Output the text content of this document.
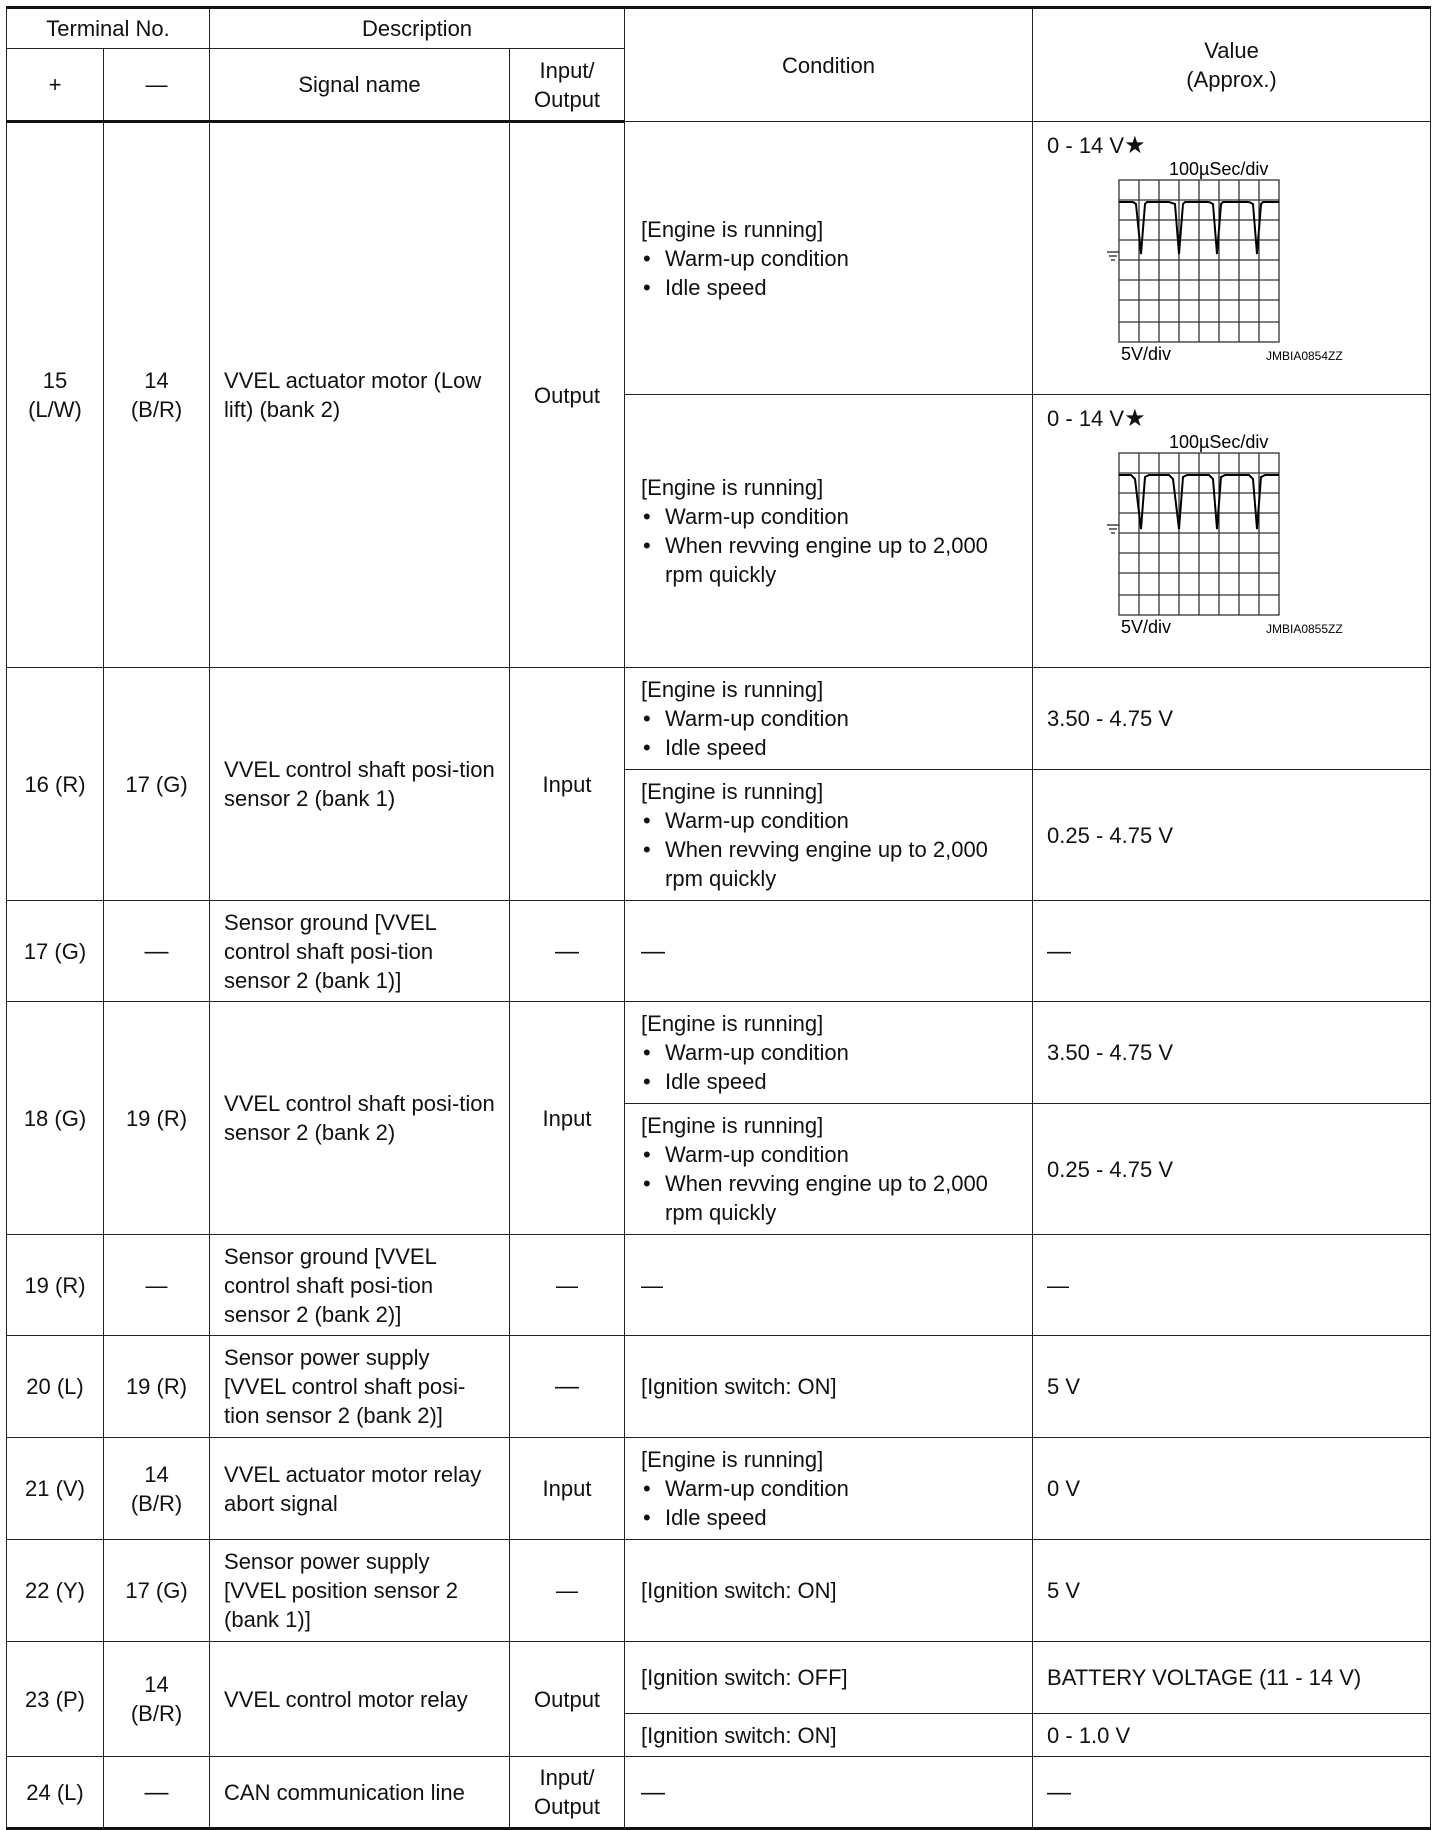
Terminal No.		Description		Condition	Value
(Approx.)
+	—	Signal name	Input/ Output		
15 (L/W)	14 (B/R)	VVEL actuator motor (Low lift) (bank 2)	Output	[Engine is running]
• Warm-up condition
• Idle speed	0 - 14 V★
100µSec/div
5V/div JMBIA0854ZZ

				[Engine is running]
• Warm-up condition
• When revving engine up to 2,000 rpm quickly	0 - 14 V★
100µSec/div
5V/div JMBIA0855ZZ

16 (R)	17 (G)	VVEL control shaft posi-tion sensor 2 (bank 1)	Input	[Engine is running]
• Warm-up condition
• Idle speed	3.50 - 4.75 V
				[Engine is running]
• Warm-up condition
• When revving engine up to 2,000 rpm quickly	0.25 - 4.75 V
17 (G)	—	Sensor ground [VVEL control shaft posi-tion sensor 2 (bank 1)]	—	—	—
18 (G)	19 (R)	VVEL control shaft posi-tion sensor 2 (bank 2)	Input	[Engine is running]
• Warm-up condition
• Idle speed	3.50 - 4.75 V
				[Engine is running]
• Warm-up condition
• When revving engine up to 2,000 rpm quickly	0.25 - 4.75 V
19 (R)	—	Sensor ground [VVEL control shaft posi-tion sensor 2 (bank 2)]	—	—	—
20 (L)	19 (R)	Sensor power supply [VVEL control shaft posi-tion sensor 2 (bank 2)]	—	[Ignition switch: ON]	5 V
21 (V)	14 (B/R)	VVEL actuator motor relay abort signal	Input	[Engine is running]
• Warm-up condition
• Idle speed	0 V
22 (Y)	17 (G)	Sensor power supply [VVEL position sensor 2 (bank 1)]	—	[Ignition switch: ON]	5 V
23 (P)	14 (B/R)	VVEL control motor relay	Output	[Ignition switch: OFF]	BATTERY VOLTAGE (11 - 14 V)
				[Ignition switch: ON]	0 - 1.0 V
24 (L)	—	CAN communication line	Input/ Output	—	—
